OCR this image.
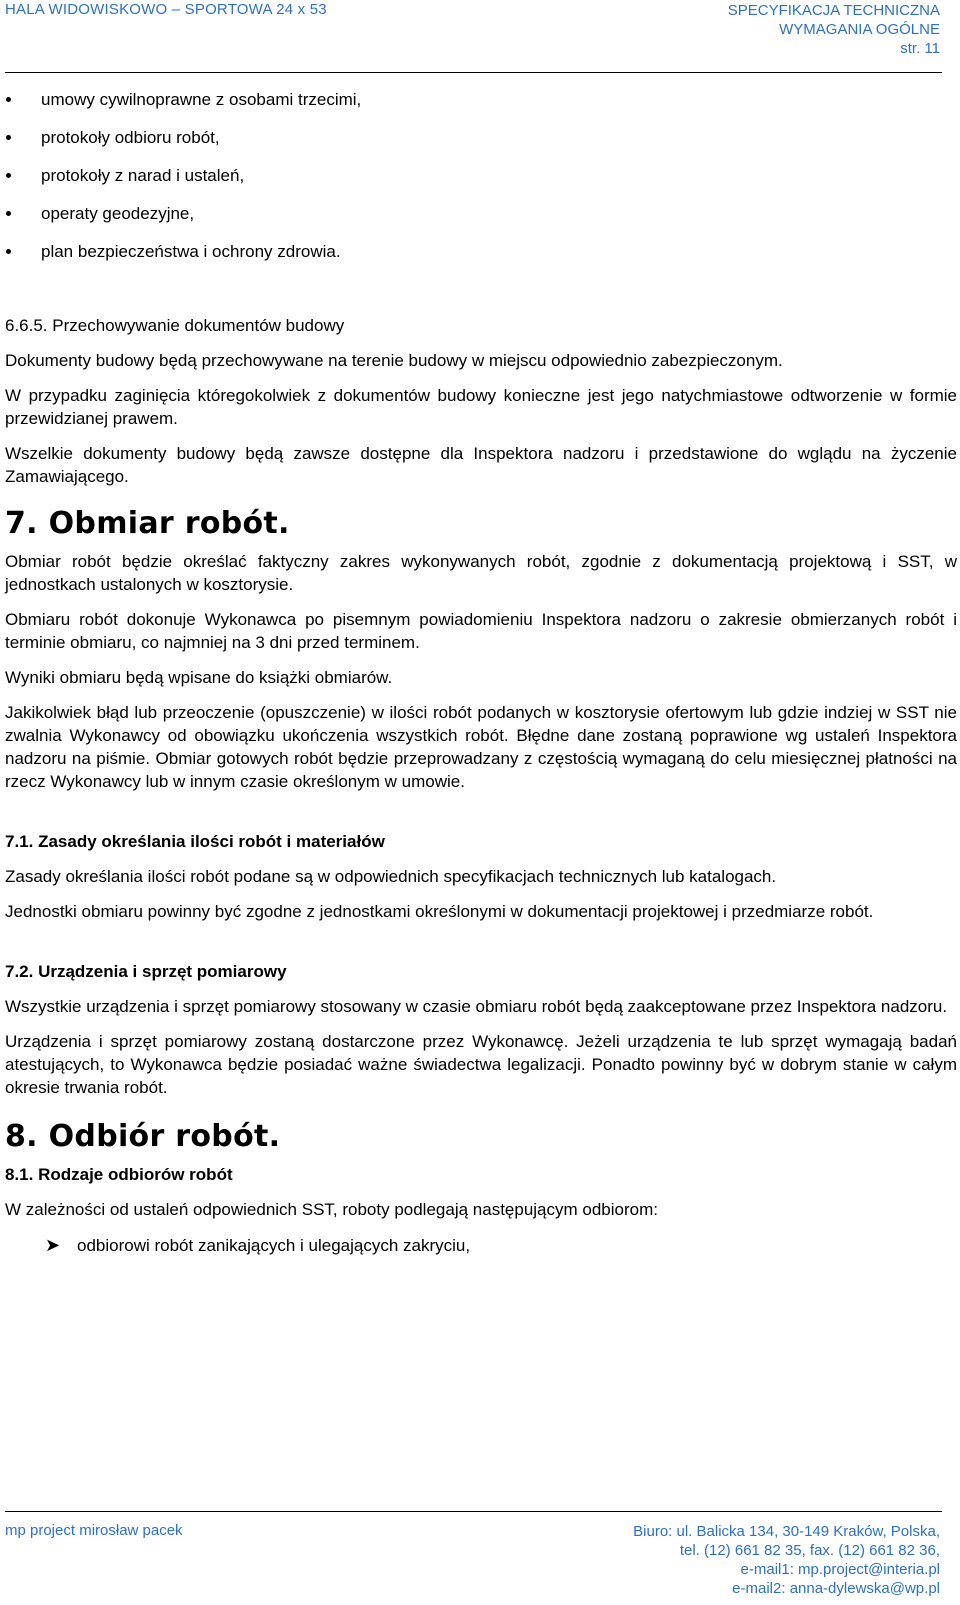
HALA WIDOWISKOWO – SPORTOWA 24 x 53	SPECYFIKACJA TECHNICZNA
WYMAGANIA OGÓLNE
str. 11
umowy cywilnoprawne z osobami trzecimi,
protokoły odbioru robót,
protokoły z narad i ustaleń,
operaty geodezyjne,
plan bezpieczeństwa i ochrony zdrowia.

6.6.5. Przechowywanie dokumentów budowy

Dokumenty budowy będą przechowywane na terenie budowy w miejscu odpowiednio zabezpieczonym.

W przypadku zaginięcia któregokolwiek z dokumentów budowy konieczne jest jego natychmiastowe odtworzenie w formie przewidzianej prawem.

Wszelkie dokumenty budowy będą zawsze dostępne dla Inspektora nadzoru i przedstawione do wglądu na życzenie Zamawiającego.

7. Obmiar robót.

Obmiar robót będzie określać faktyczny zakres wykonywanych robót, zgodnie z dokumentacją projektową i SST, w jednostkach ustalonych w kosztorysie.

Obmiaru robót dokonuje Wykonawca po pisemnym powiadomieniu Inspektora nadzoru o zakresie obmierzanych robót i terminie obmiaru, co najmniej na 3 dni przed terminem.

Wyniki obmiaru będą wpisane do książki obmiarów.

Jakikolwiek błąd lub przeoczenie (opuszczenie) w ilości robót podanych w kosztorysie ofertowym lub gdzie indziej w SST nie zwalnia Wykonawcy od obowiązku ukończenia wszystkich robót. Błędne dane zostaną poprawione wg ustaleń Inspektora nadzoru na piśmie. Obmiar gotowych robót będzie przeprowadzany z częstością wymaganą do celu miesięcznej płatności na rzecz Wykonawcy lub w innym czasie określonym w umowie.

7.1. Zasady określania ilości robót i materiałów

Zasady określania ilości robót podane są w odpowiednich specyfikacjach technicznych lub katalogach.

Jednostki obmiaru powinny być zgodne z jednostkami określonymi w dokumentacji projektowej i przedmiarze robót.

7.2. Urządzenia i sprzęt pomiarowy

Wszystkie urządzenia i sprzęt pomiarowy stosowany w czasie obmiaru robót będą zaakceptowane przez Inspektora nadzoru.

Urządzenia i sprzęt pomiarowy zostaną dostarczone przez Wykonawcę. Jeżeli urządzenia te lub sprzęt wymagają badań atestujących, to Wykonawca będzie posiadać ważne świadectwa legalizacji. Ponadto powinny być w dobrym stanie w całym okresie trwania robót.

8. Odbiór robót.

8.1. Rodzaje odbiorów robót

W zależności od ustaleń odpowiednich SST, roboty podlegają następującym odbiorom:

➤ odbiorowi robót zanikających i ulegających zakryciu,

mp project mirosław pacek	Biuro: ul. Balicka 134, 30-149 Kraków, Polska,
tel. (12) 661 82 35, fax. (12) 661 82 36,
e-mail1: mp.project@interia.pl
e-mail2: anna-dylewska@wp.pl
